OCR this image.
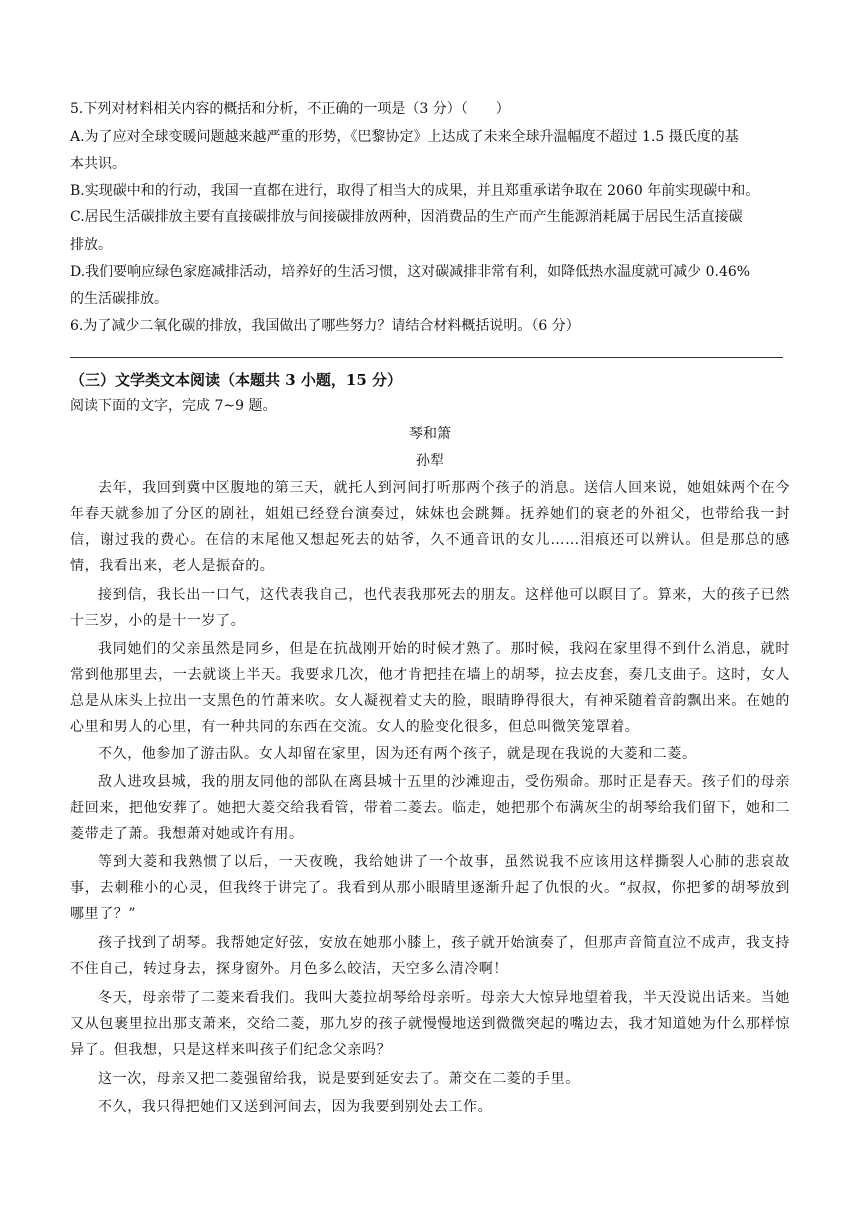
5.下列对材料相关内容的概括和分析，不正确的一项是（3 分）（　　）
A.为了应对全球变暖问题越来越严重的形势，《巴黎协定》上达成了未来全球升温幅度不超过 1.5 摄氏度的基
本共识。
B.实现碳中和的行动，我国一直都在进行，取得了相当大的成果，并且郑重承诺争取在 2060 年前实现碳中和。
C.居民生活碳排放主要有直接碳排放与间接碳排放两种，因消费品的生产而产生能源消耗属于居民生活直接碳
排放。
D.我们要响应绿色家庭减排活动，培养好的生活习惯，这对碳减排非常有利，如降低热水温度就可减少 0.46%
的生活碳排放。
6.为了减少二氧化碳的排放，我国做出了哪些努力？请结合材料概括说明。（6 分）
（三）文学类文本阅读（本题共 3 小题，15 分）
阅读下面的文字，完成 7~9 题。
琴和箫
孙犁
去年，我回到冀中区腹地的第三天，就托人到河间打听那两个孩子的消息。送信人回来说，她姐妹两个在今年春天就参加了分区的剧社，姐姐已经登台演奏过，妹妹也会跳舞。抚养她们的衰老的外祖父，也带给我一封信，谢过我的费心。在信的末尾他又想起死去的姑爷，久不通音讯的女儿……泪痕还可以辨认。但是那总的感情，我看出来，老人是振奋的。
接到信，我长出一口气，这代表我自己，也代表我那死去的朋友。这样他可以瞑目了。算来，大的孩子已然十三岁，小的是十一岁了。
我同她们的父亲虽然是同乡，但是在抗战刚开始的时候才熟了。那时候，我闷在家里得不到什么消息，就时常到他那里去，一去就谈上半天。我要求几次，他才肯把挂在墙上的胡琴，拉去皮套，奏几支曲子。这时，女人总是从床头上拉出一支黑色的竹萧来吹。女人凝视着丈夫的脸，眼睛睁得很大，有神采随着音韵飘出来。在她的心里和男人的心里，有一种共同的东西在交流。女人的脸变化很多，但总叫微笑笼罩着。
不久，他参加了游击队。女人却留在家里，因为还有两个孩子，就是现在我说的大菱和二菱。
敌人进攻县城，我的朋友同他的部队在离县城十五里的沙滩迎击，受伤殒命。那时正是春天。孩子们的母亲赶回来，把他安葬了。她把大菱交给我看管，带着二菱去。临走，她把那个布满灰尘的胡琴给我们留下，她和二菱带走了萧。我想萧对她或许有用。
等到大菱和我熟惯了以后，一天夜晚，我给她讲了一个故事，虽然说我不应该用这样撕裂人心肺的悲哀故事，去刺稚小的心灵，但我终于讲完了。我看到从那小眼睛里逐渐升起了仇恨的火。“叔叔，你把爹的胡琴放到哪里了？”
孩子找到了胡琴。我帮她定好弦，安放在她那小膝上，孩子就开始演奏了，但那声音简直泣不成声，我支持不住自己，转过身去，探身窗外。月色多么皎洁，天空多么清冷啊！
冬天，母亲带了二菱来看我们。我叫大菱拉胡琴给母亲听。母亲大大惊异地望着我，半天没说出话来。当她又从包裹里拉出那支萧来，交给二菱，那九岁的孩子就慢慢地送到微微突起的嘴边去，我才知道她为什么那样惊异了。但我想，只是这样来叫孩子们纪念父亲吗？
这一次，母亲又把二菱强留给我，说是要到延安去了。萧交在二菱的手里。
不久，我只得把她们又送到河间去，因为我要到别处去工作。
